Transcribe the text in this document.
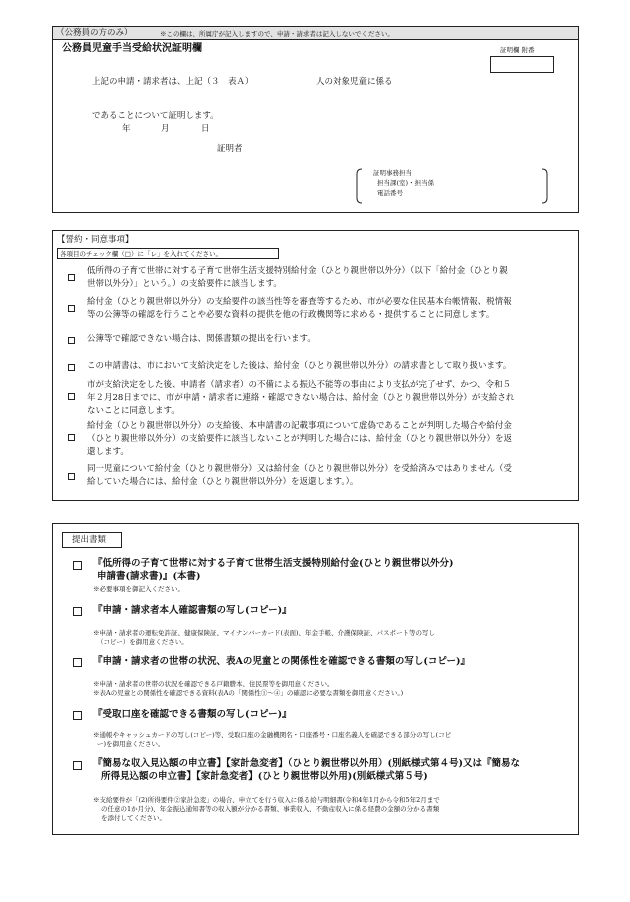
（公務員の方のみ）	※この欄は、所属庁が記入しますので、申請・請求者は記入しないでください。
公務員児童手当受給状況証明欄	証明欄 附番
上記の申請・請求者は、上記（３　表Ａ）	人の対象児童に係る
であることについて証明します。
年	月	日
証明者
証明事務担当
担当課(室)・担当係
電話番号
【誓約・同意事項】
各項目のチェック欄（□）に「レ」を入れてください。
低所得の子育て世帯に対する子育て世帯生活支援特別給付金（ひとり親世帯以外分）（以下「給付金（ひとり親
世帯以外分）」という。）の支給要件に該当します。
給付金（ひとり親世帯以外分）の支給要件の該当性等を審査等するため、市が必要な住民基本台帳情報、税情報
等の公簿等の確認を行うことや必要な資料の提供を他の行政機関等に求める・提供することに同意します。
公簿等で確認できない場合は、関係書類の提出を行います。
この申請書は、市において支給決定をした後は、給付金（ひとり親世帯以外分）の請求書として取り扱います。
市が支給決定をした後、申請者（請求者）の不備による振込不能等の事由により支払が完了せず、かつ、令和５
年２月28日までに、市が申請・請求者に連絡・確認できない場合は、給付金（ひとり親世帯以外分）が支給され
ないことに同意します。
給付金（ひとり親世帯以外分）の支給後、本申請書の記載事項について虚偽であることが判明した場合や給付金
（ひとり親世帯以外分）の支給要件に該当しないことが判明した場合には、給付金（ひとり親世帯以外分）を返
還します。
同一児童について給付金（ひとり親世帯分）又は給付金（ひとり親世帯以外分）を受給済みではありません（受
給していた場合には、給付金（ひとり親世帯以外分）を返還します。）。
提出書類
『低所得の子育て世帯に対する子育て世帯生活支援特別給付金(ひとり親世帯以外分)
申請書(請求書)』(本書)
※必要事項を御記入ください。
『申請・請求者本人確認書類の写し(コピー)』
※申請・請求者の運転免許証、健康保険証、マイナンバーカード(表面)、年金手帳、介護保険証、パスポート等の写し
（コピー）を御用意ください。
『申請・請求者の世帯の状況、表Aの児童との関係性を確認できる書類の写し(コピー)』
※申請・請求者の世帯の状況を確認できる戸籍謄本、住民票等を御用意ください。
※表Aの児童との関係性を確認できる資料(表Aの「関係性①～④」の確認に必要な書類を御用意ください。)
『受取口座を確認できる書類の写し(コピー)』
※通帳やキャッシュカードの写し(コピー)等、受取口座の金融機関名・口座番号・口座名義人を確認できる部分の写し(コピ
ー)を御用意ください。
『簡易な収入見込額の申立書】【家計急変者】（ひとり親世帯以外用）(別紙様式第４号)又は『簡易な
所得見込額の申立書】【家計急変者】(ひとり親世帯以外用)(別紙様式第５号)
※支給要件が「(2)所得要件②家計急変」の場合、申立てを行う収入に係る給与明細書(令和4年1月から令和5年2月まで
の任意の1か月分)、年金振込通知書等の収入額が分かる書類、事業収入、不動産収入に係る経費の金額の分かる書類
を添付してください。
